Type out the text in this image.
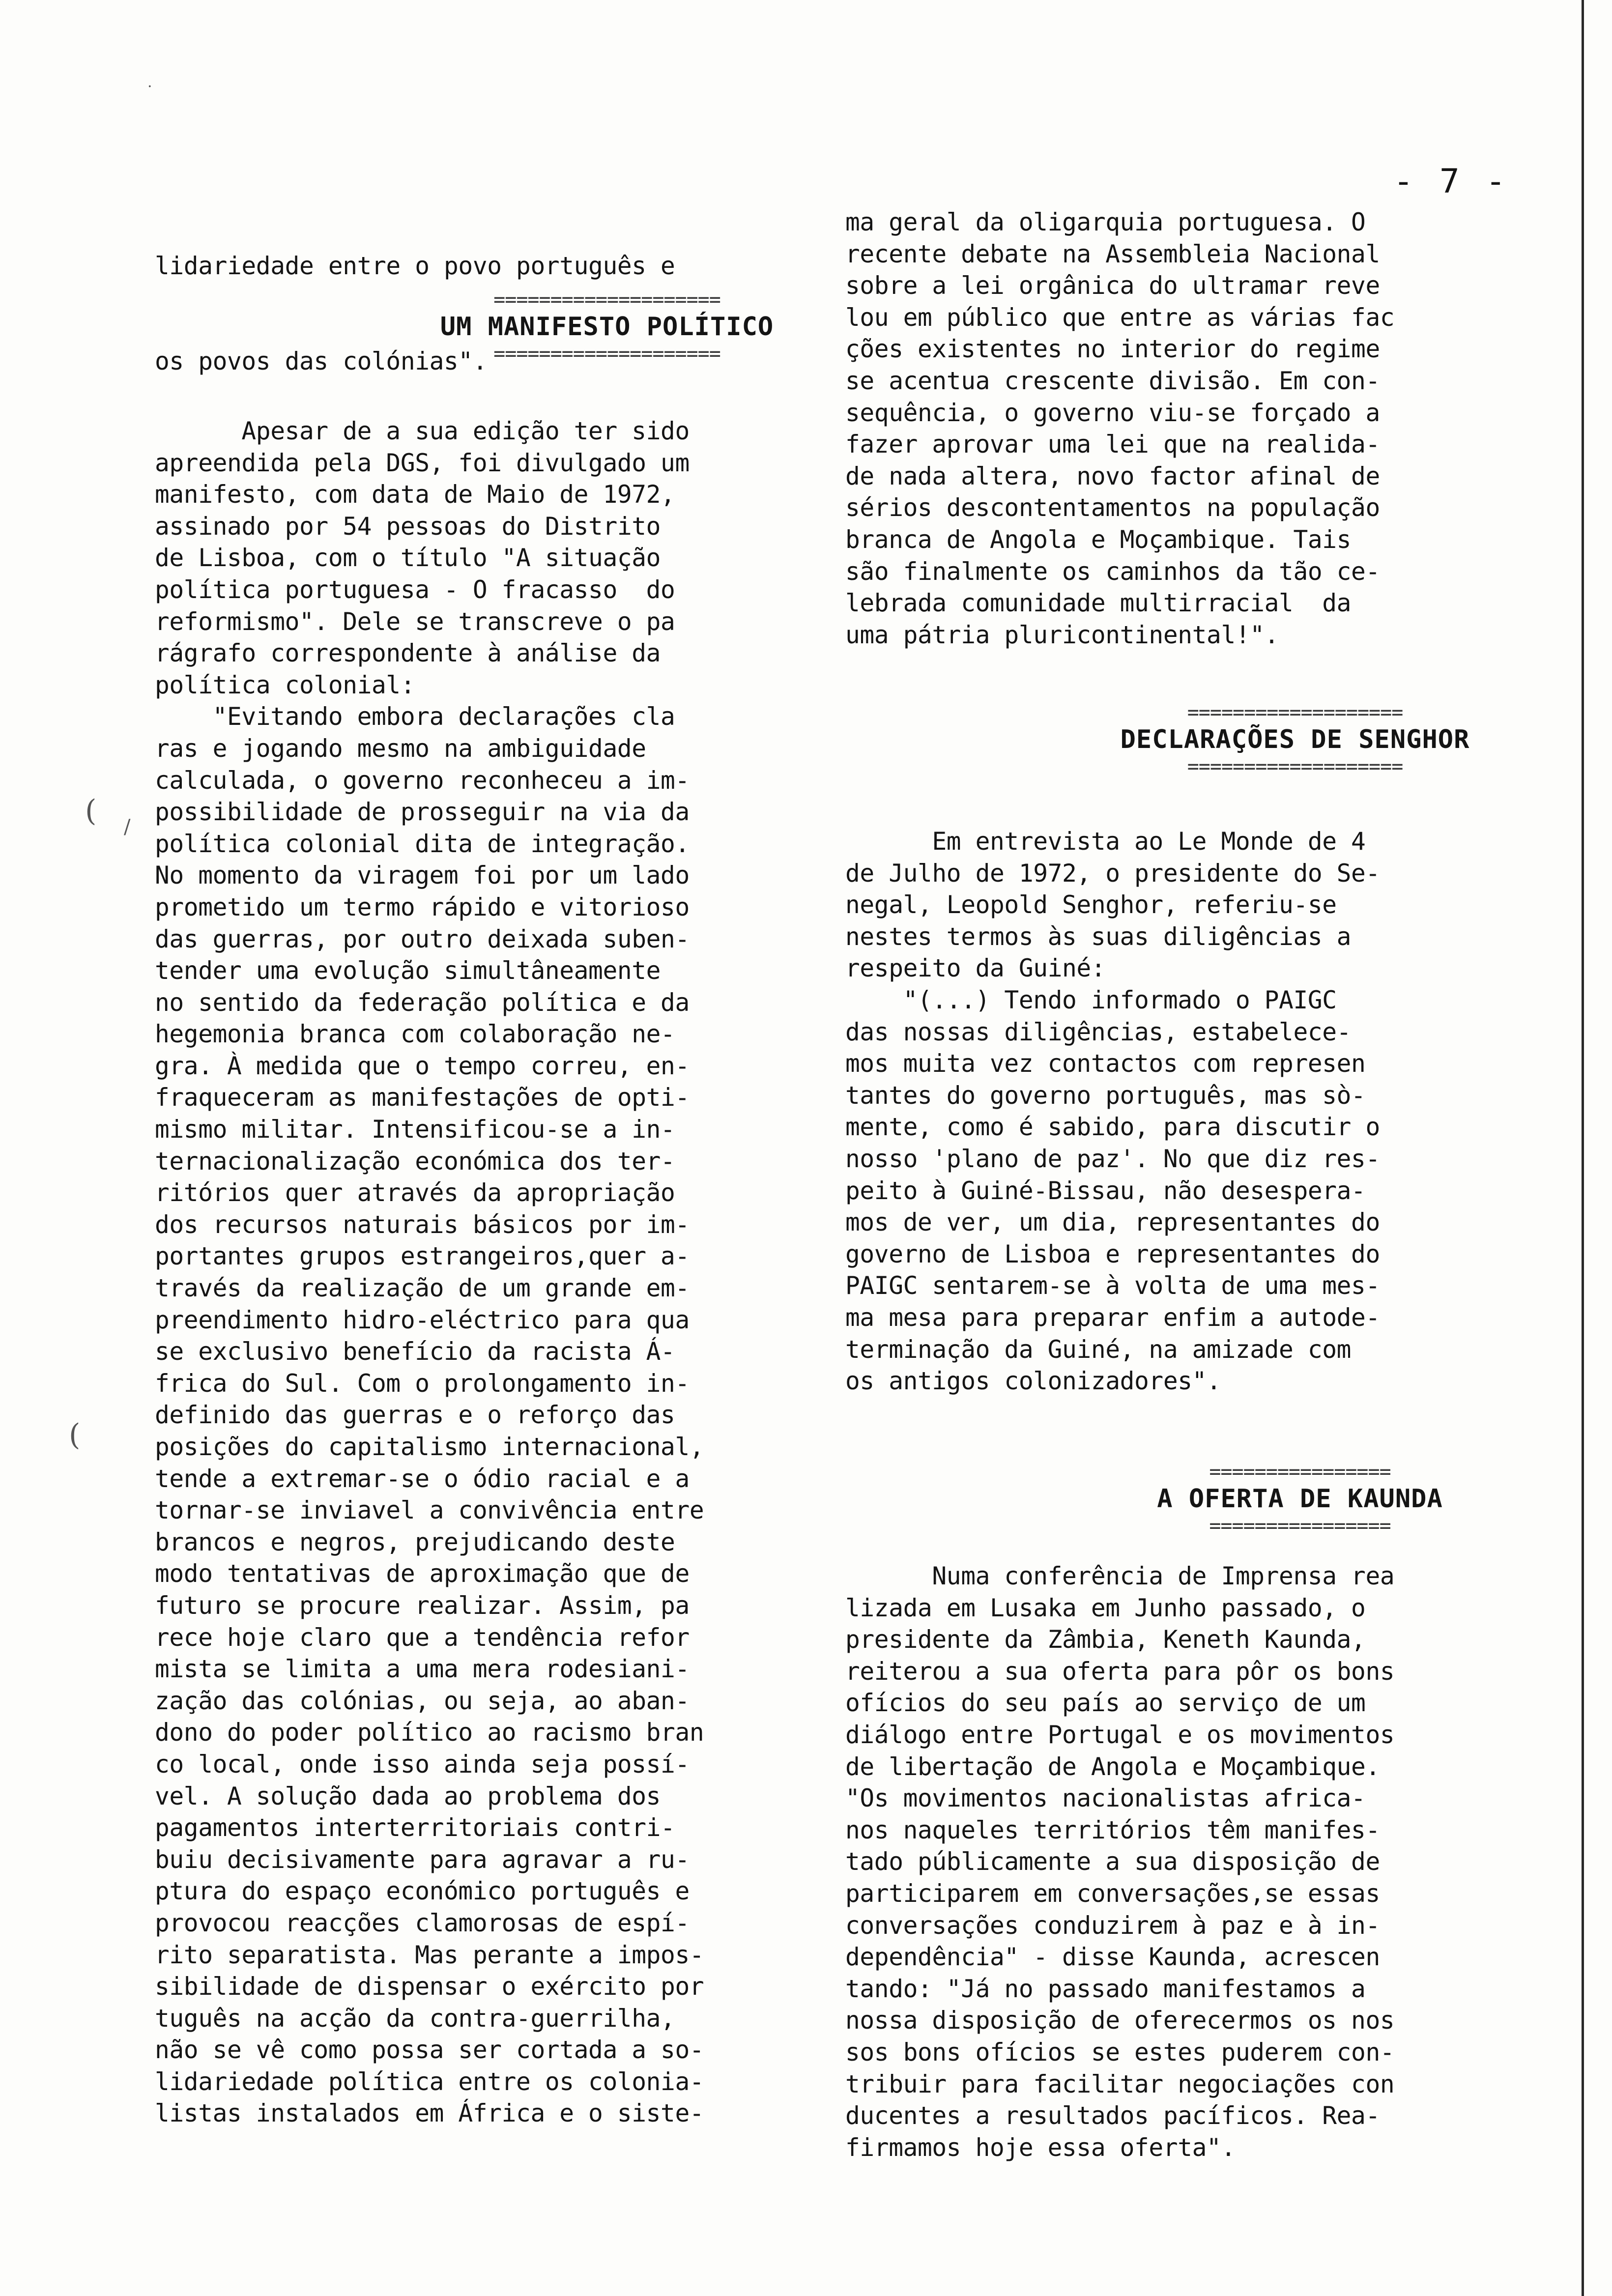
.
( /
(
- 7 -

lidariedade entre o povo português e

os povos das colónias".

====================
UM MANIFESTO POLÍTICO
====================

Apesar de a sua edição ter sido

apreendida pela DGS, foi divulgado um

manifesto, com data de Maio de 1972,

assinado por 54 pessoas do Distrito

de Lisboa, com o título "A situação

política portuguesa - O fracasso  do

reformismo". Dele se transcreve o pa

rágrafo correspondente à análise da

política colonial:

"Evitando embora declarações cla

ras e jogando mesmo na ambiguidade

calculada, o governo reconheceu a im-

possibilidade de prosseguir na via da

política colonial dita de integração.

No momento da viragem foi por um lado

prometido um termo rápido e vitorioso

das guerras, por outro deixada suben-

tender uma evolução simultâneamente

no sentido da federação política e da

hegemonia branca com colaboração ne-

gra. À medida que o tempo correu, en-

fraqueceram as manifestações de opti-

mismo militar. Intensificou-se a in-

ternacionalização económica dos ter-

ritórios quer através da apropriação

dos recursos naturais básicos por im-

portantes grupos estrangeiros,quer a-

través da realização de um grande em-

preendimento hidro-eléctrico para qua

se exclusivo benefício da racista Á-

frica do Sul. Com o prolongamento in-

definido das guerras e o reforço das

posições do capitalismo internacional,

tende a extremar-se o ódio racial e a

tornar-se inviavel a convivência entre

brancos e negros, prejudicando deste

modo tentativas de aproximação que de

futuro se procure realizar. Assim, pa

rece hoje claro que a tendência refor

mista se limita a uma mera rodesiani-

zação das colónias, ou seja, ao aban-

dono do poder político ao racismo bran

co local, onde isso ainda seja possí-

vel. A solução dada ao problema dos

pagamentos interterritoriais contri-

buiu decisivamente para agravar a ru-

ptura do espaço económico português e

provocou reacções clamorosas de espí-

rito separatista. Mas perante a impos-

sibilidade de dispensar o exército por

tuguês na acção da contra-guerrilha,

não se vê como possa ser cortada a so-

lidariedade política entre os colonia-

listas instalados em África e o siste-

ma geral da oligarquia portuguesa. O

recente debate na Assembleia Nacional

sobre a lei orgânica do ultramar reve

lou em público que entre as várias fac

ções existentes no interior do regime

se acentua crescente divisão. Em con-

sequência, o governo viu-se forçado a

fazer aprovar uma lei que na realida-

de nada altera, novo factor afinal de

sérios descontentamentos na população

branca de Angola e Moçambique. Tais

são finalmente os caminhos da tão ce-

lebrada comunidade multirracial  da

uma pátria pluricontinental!".

===================
DECLARAÇÕES DE SENGHOR
===================

Em entrevista ao Le Monde de 4

de Julho de 1972, o presidente do Se-

negal, Leopold Senghor, referiu-se

nestes termos às suas diligências a

respeito da Guiné:

"(...) Tendo informado o PAIGC

das nossas diligências, estabelece-

mos muita vez contactos com represen

tantes do governo português, mas sò-

mente, como é sabido, para discutir o

nosso 'plano de paz'. No que diz res-

peito à Guiné-Bissau, não desespera-

mos de ver, um dia, representantes do

governo de Lisboa e representantes do

PAIGC sentarem-se à volta de uma mes-

ma mesa para preparar enfim a autode-

terminação da Guiné, na amizade com

os antigos colonizadores".

================
A OFERTA DE KAUNDA
================

Numa conferência de Imprensa rea

lizada em Lusaka em Junho passado, o

presidente da Zâmbia, Keneth Kaunda,

reiterou a sua oferta para pôr os bons

ofícios do seu país ao serviço de um

diálogo entre Portugal e os movimentos

de libertação de Angola e Moçambique.

"Os movimentos nacionalistas africa-

nos naqueles territórios têm manifes-

tado públicamente a sua disposição de

participarem em conversações,se essas

conversações conduzirem à paz e à in-

dependência" - disse Kaunda, acrescen

tando: "Já no passado manifestamos a

nossa disposição de oferecermos os nos

sos bons ofícios se estes puderem con-

tribuir para facilitar negociações con

ducentes a resultados pacíficos. Rea-

firmamos hoje essa oferta".
